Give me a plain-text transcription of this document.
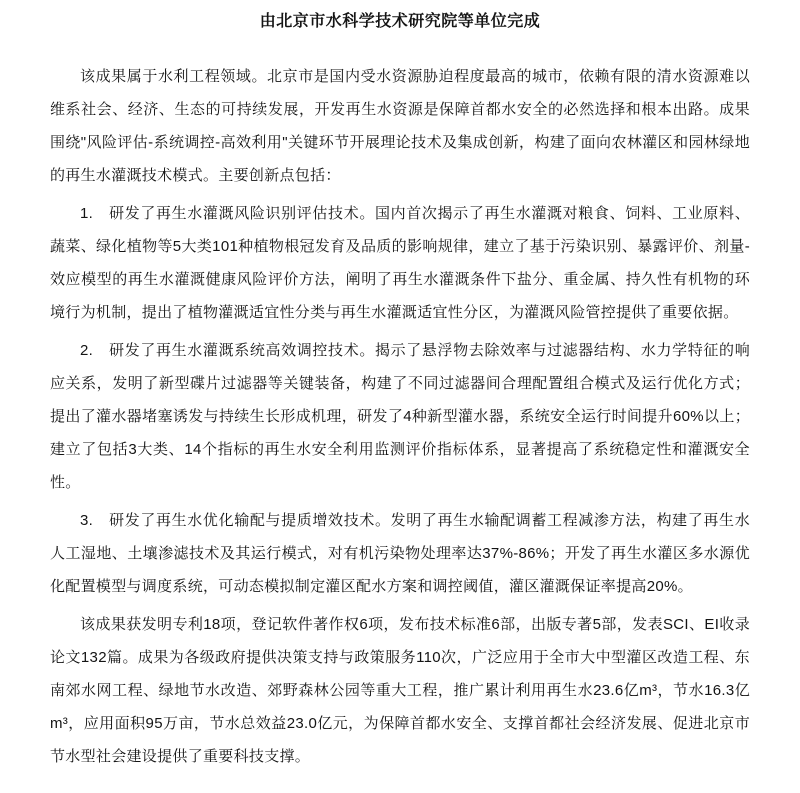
由北京市水科学技术研究院等单位完成

该成果属于水利工程领域。北京市是国内受水资源胁迫程度最高的城市，依赖有限的清水资源难以维系社会、经济、生态的可持续发展，开发再生水资源是保障首都水安全的必然选择和根本出路。成果围绕"风险评估-系统调控-高效利用"关键环节开展理论技术及集成创新，构建了面向农林灌区和园林绿地的再生水灌溉技术模式。主要创新点包括：

1.　研发了再生水灌溉风险识别评估技术。国内首次揭示了再生水灌溉对粮食、饲料、工业原料、蔬菜、绿化植物等5大类101种植物根冠发育及品质的影响规律，建立了基于污染识别、暴露评价、剂量-效应模型的再生水灌溉健康风险评价方法，阐明了再生水灌溉条件下盐分、重金属、持久性有机物的环境行为机制，提出了植物灌溉适宜性分类与再生水灌溉适宜性分区，为灌溉风险管控提供了重要依据。

2.　研发了再生水灌溉系统高效调控技术。揭示了悬浮物去除效率与过滤器结构、水力学特征的响应关系，发明了新型碟片过滤器等关键装备，构建了不同过滤器间合理配置组合模式及运行优化方式；提出了灌水器堵塞诱发与持续生长形成机理，研发了4种新型灌水器，系统安全运行时间提升60%以上；建立了包括3大类、14个指标的再生水安全利用监测评价指标体系，显著提高了系统稳定性和灌溉安全性。

3.　研发了再生水优化输配与提质增效技术。发明了再生水输配调蓄工程减渗方法，构建了再生水人工湿地、土壤渗滤技术及其运行模式，对有机污染物处理率达37%-86%；开发了再生水灌区多水源优化配置模型与调度系统，可动态模拟制定灌区配水方案和调控阈值，灌区灌溉保证率提高20%。

该成果获发明专利18项，登记软件著作权6项，发布技术标准6部，出版专著5部，发表SCI、EI收录论文132篇。成果为各级政府提供决策支持与政策服务110次，广泛应用于全市大中型灌区改造工程、东南郊水网工程、绿地节水改造、郊野森林公园等重大工程，推广累计利用再生水23.6亿m³，节水16.3亿m³，应用面积95万亩，节水总效益23.0亿元，为保障首都水安全、支撑首都社会经济发展、促进北京市节水型社会建设提供了重要科技支撑。
